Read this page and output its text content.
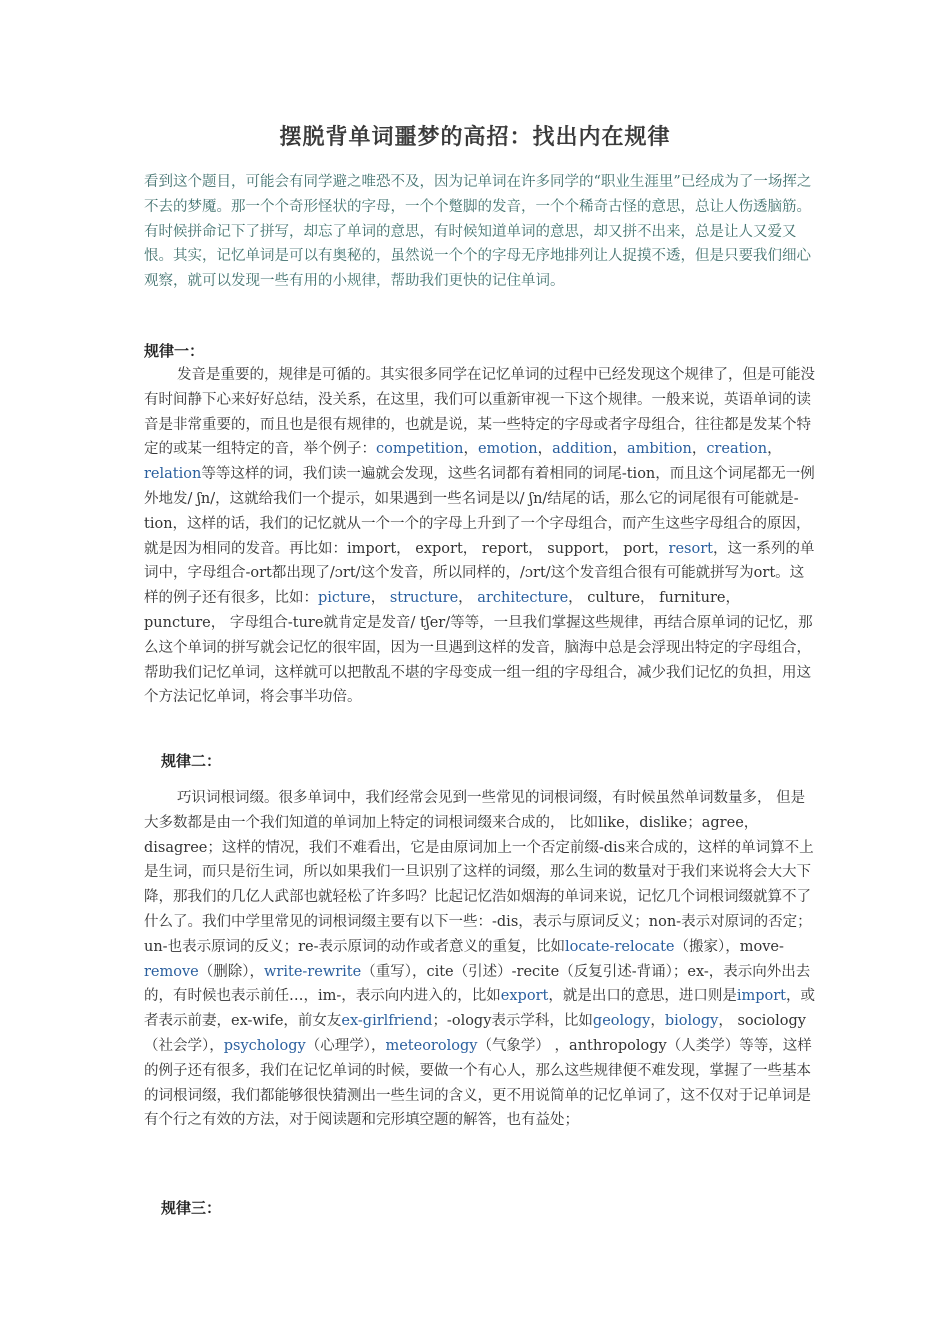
摆脱背单词噩梦的高招：找出内在规律

看到这个题目，可能会有同学避之唯恐不及，因为记单词在许多同学的“职业生涯里”已经成为了一场挥之不去的梦魇。那一个个奇形怪状的字母，一个个蹩脚的发音，一个个稀奇古怪的意思，总让人伤透脑筋。有时候拼命记下了拼写，却忘了单词的意思，有时候知道单词的意思，却又拼不出来，总是让人又爱又恨。其实，记忆单词是可以有奥秘的，虽然说一个个的字母无序地排列让人捉摸不透，但是只要我们细心观察，就可以发现一些有用的小规律，帮助我们更快的记住单词。

规律一：

发音是重要的，规律是可循的。其实很多同学在记忆单词的过程中已经发现这个规律了，但是可能没有时间静下心来好好总结，没关系，在这里，我们可以重新审视一下这个规律。一般来说，英语单词的读音是非常重要的，而且也是很有规律的，也就是说，某一些特定的字母或者字母组合，往往都是发某个特定的或某一组特定的音，举个例子：competition，emotion，addition，ambition，creation，relation等等这样的词，我们读一遍就会发现，这些名词都有着相同的词尾-tion，而且这个词尾都无一例外地发/ ʃn/，这就给我们一个提示，如果遇到一些名词是以/ ʃn/结尾的话，那么它的词尾很有可能就是-tion，这样的话，我们的记忆就从一个一个的字母上升到了一个字母组合，而产生这些字母组合的原因，就是因为相同的发音。再比如：import， export， report， support， port，resort，这一系列的单词中，字母组合-ort都出现了/ɔrt/这个发音，所以同样的，/ɔrt/这个发音组合很有可能就拼写为ort。这样的例子还有很多，比如：picture， structure， architecture， culture， furniture， puncture， 字母组合-ture就肯定是发音/ tʃer/等等，一旦我们掌握这些规律，再结合原单词的记忆，那么这个单词的拼写就会记忆的很牢固，因为一旦遇到这样的发音，脑海中总是会浮现出特定的字母组合，帮助我们记忆单词，这样就可以把散乱不堪的字母变成一组一组的字母组合，减少我们记忆的负担，用这个方法记忆单词，将会事半功倍。

规律二：

巧识词根词缀。很多单词中，我们经常会见到一些常见的词根词缀，有时候虽然单词数量多， 但是大多数都是由一个我们知道的单词加上特定的词根词缀来合成的， 比如like，dislike；agree，disagree；这样的情况，我们不难看出，它是由原词加上一个否定前缀-dis来合成的，这样的单词算不上是生词，而只是衍生词，所以如果我们一旦识别了这样的词缀，那么生词的数量对于我们来说将会大大下降，那我们的几亿人武部也就轻松了许多吗？比起记忆浩如烟海的单词来说，记忆几个词根词缀就算不了什么了。我们中学里常见的词根词缀主要有以下一些：-dis，表示与原词反义；non-表示对原词的否定；un-也表示原词的反义；re-表示原词的动作或者意义的重复，比如locate-relocate（搬家），move-remove（删除），write-rewrite（重写），cite（引述）-recite（反复引述-背诵）；ex-，表示向外出去的，有时候也表示前任…，im-，表示向内进入的，比如export，就是出口的意思，进口则是import，或者表示前妻，ex-wife，前女友ex-girlfriend；-ology表示学科，比如geology，biology， sociology（社会学），psychology（心理学），meteorology（气象学） ，anthropology（人类学）等等，这样的例子还有很多，我们在记忆单词的时候，要做一个有心人，那么这些规律便不难发现，掌握了一些基本的词根词缀，我们都能够很快猜测出一些生词的含义，更不用说简单的记忆单词了，这不仅对于记单词是有个行之有效的方法，对于阅读题和完形填空题的解答，也有益处；

规律三：
